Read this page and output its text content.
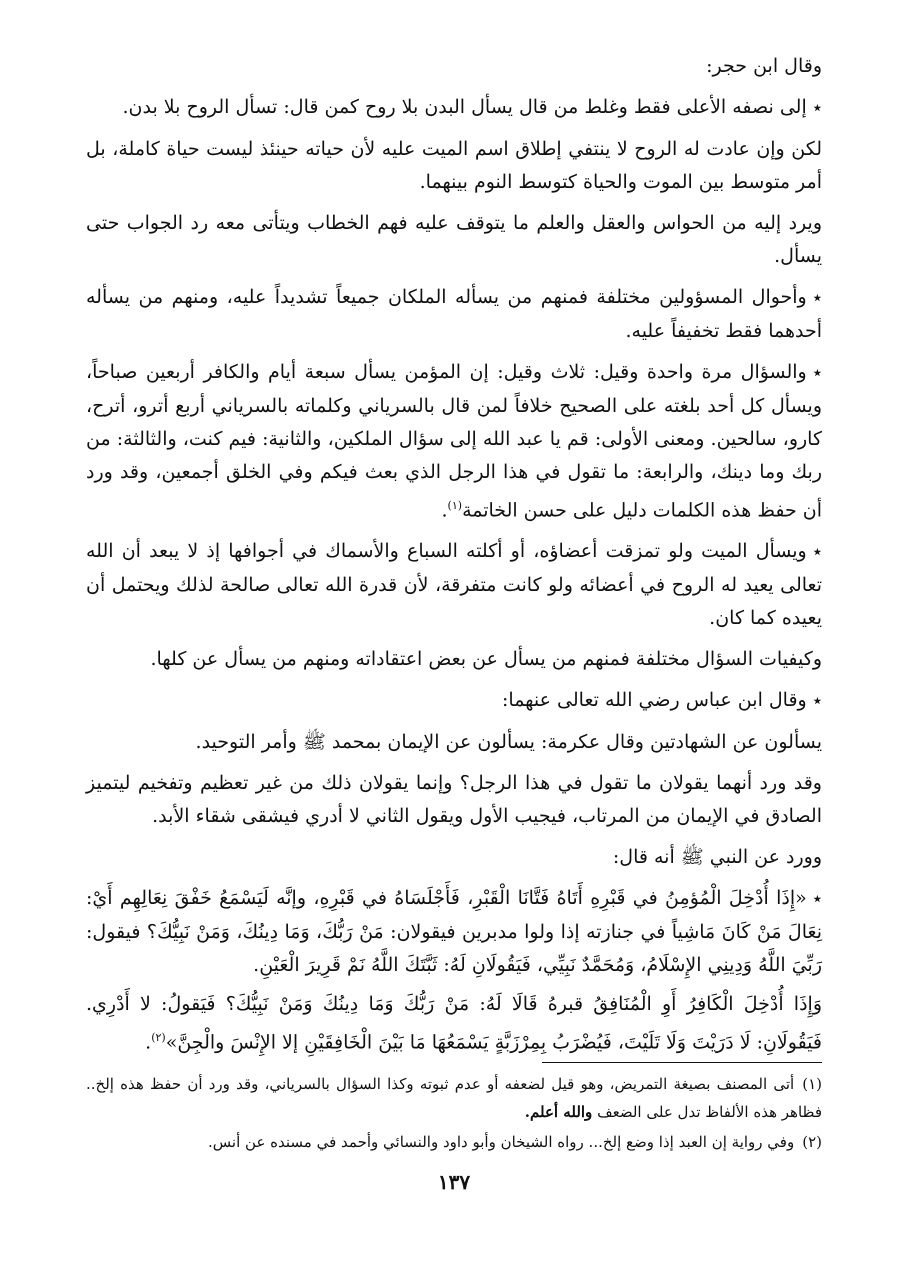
وقال ابن حجر:

٭إلى نصفه الأعلى فقط وغلط من قال يسأل البدن بلا روح كمن قال: تسأل الروح بلا بدن.

لكن وإن عادت له الروح لا ينتفي إطلاق اسم الميت عليه لأن حياته حينئذ ليست حياة كاملة، بل أمر متوسط بين الموت والحياة كتوسط النوم بينهما.

ويرد إليه من الحواس والعقل والعلم ما يتوقف عليه فهم الخطاب ويتأتى معه رد الجواب حتى يسأل.

٭وأحوال المسؤولين مختلفة فمنهم من يسأله الملكان جميعاً تشديداً عليه، ومنهم من يسأله أحدهما فقط تخفيفاً عليه.

٭والسؤال مرة واحدة وقيل: ثلاث وقيل: إن المؤمن يسأل سبعة أيام والكافر أربعين صباحاً، ويسأل كل أحد بلغته على الصحيح خلافاً لمن قال بالسرياني وكلماته بالسرياني أربع أترو، أترح، كارو، سالحين. ومعنى الأولى: قم يا عبد الله إلى سؤال الملكين، والثانية: فيم كنت، والثالثة: من ربك وما دينك، والرابعة: ما تقول في هذا الرجل الذي بعث فيكم وفي الخلق أجمعين، وقد ورد أن حفظ هذه الكلمات دليل على حسن الخاتمة$^{(١)}$.

٭ويسأل الميت ولو تمزقت أعضاؤه، أو أكلته السباع والأسماك في أجوافها إذ لا يبعد أن الله تعالى يعيد له الروح في أعضائه ولو كانت متفرقة، لأن قدرة الله تعالى صالحة لذلك ويحتمل أن يعيده كما كان.

وكيفيات السؤال مختلفة فمنهم من يسأل عن بعض اعتقاداته ومنهم من يسأل عن كلها.

٭وقال ابن عباس رضي الله تعالى عنهما:

يسألون عن الشهادتين وقال عكرمة: يسألون عن الإيمان بمحمد ﷺ وأمر التوحيد.

وقد ورد أنهما يقولان ما تقول في هذا الرجل؟ وإنما يقولان ذلك من غير تعظيم وتفخيم ليتميز الصادق في الإيمان من المرتاب، فيجيب الأول ويقول الثاني لا أدري فيشقى شقاء الأبد.

وورد عن النبي ﷺ أنه قال:

٭«إِذَا أُدْخِلَ الْمُؤمِنُ في قَبْرِهِ أَتَاهُ فَتَّانَا الْقَبْرِ، فَأَجْلَسَاهُ في قَبْرِهِ، وإنَّه لَيَسْمَعُ خَفْقَ نِعَالِهِم أَيْ: نِعَالَ مَنْ كَانَ مَاشِياً في جنازته إذا ولوا مدبرين فيقولان: مَنْ رَبُّكَ، وَمَا دِينُكَ، وَمَنْ نَبِيُّكَ؟ فيقول: رَبِّيَ اللَّهُ وَدِينِي الإِسْلَامُ، وَمُحَمَّدٌ نَبِيِّي، فَيَقُولَانِ لَهُ: ثَبَّتَكَ اللَّهُ نَمْ قَرِيرَ الْعَيْنِ.

وَإِذَا أُدْخِلَ الْكَافِرُ أَوِ الْمُنَافِقُ قبرهُ قَالَا لَهُ: مَنْ رَبُّكَ وَمَا دِينُكَ وَمَنْ نَبِيُّكَ؟ فَيَقولُ: لا أَدْرِي. فَيَقُولَانِ: لَا دَرَيْتَ وَلَا تَلَيْتَ، فَيُضْرَبُ بِمِرْزَبَّةٍ يَسْمَعُهَا مَا بَيْنَ الْخَافِقَيْنِ إلا الإِنْسَ والْجِنَّ»$^{(٢)}$.

(١)أتى المصنف بصيغة التمريض، وهو قيل لضعفه أو عدم ثبوته وكذا السؤال بالسرياني، وقد ورد أن حفظ هذه إلخ.. فظاهر هذه الألفاظ تدل على الضعف والله أعلم.

(٢)وفي رواية إن العبد إذا وضع إلخ... رواه الشيخان وأبو داود والنسائي وأحمد في مسنده عن أنس.

١٣٧
